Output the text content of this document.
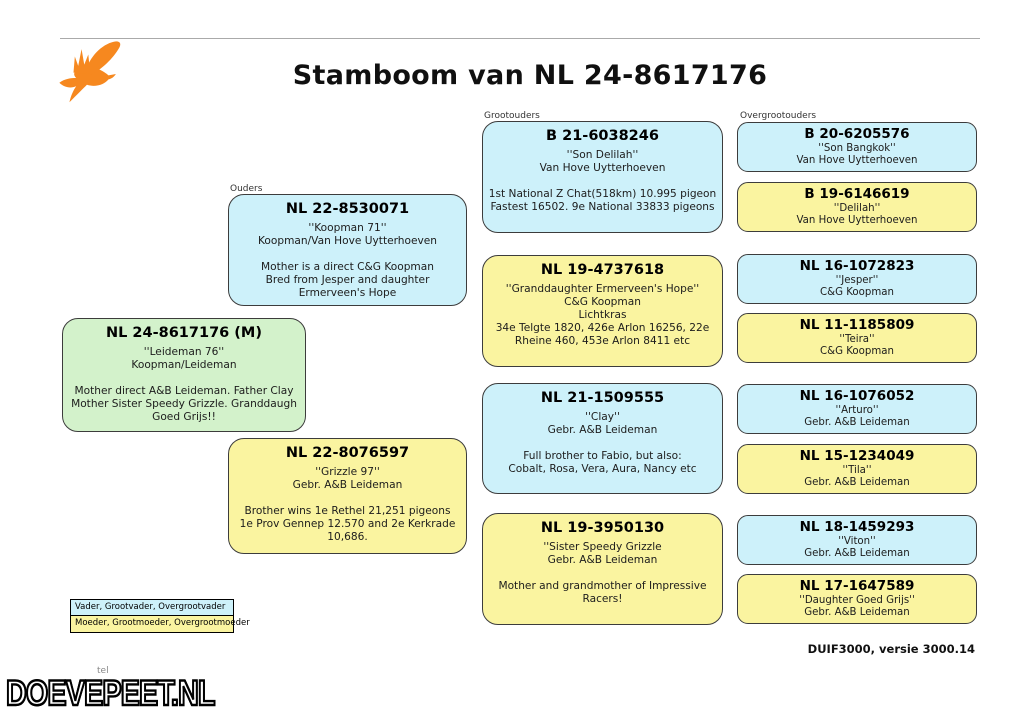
Stamboom van NL 24-8617176
Ouders
Grootouders	Overgrootouders
NL 24-8617176 (M)
''Leideman 76''
Koopman/Leideman

Mother direct A&B Leideman. Father Clay
Mother Sister Speedy Grizzle. Granddaugh
Goed Grijs!!
NL 22-8530071
''Koopman 71''
Koopman/Van Hove Uytterhoeven

Mother is a direct C&G Koopman
Bred from Jesper and daughter
Ermerveen's Hope
NL 22-8076597
''Grizzle 97''
Gebr. A&B Leideman

Brother wins 1e Rethel 21,251 pigeons
1e Prov Gennep 12.570 and 2e Kerkrade
10,686.
B 21-6038246
''Son Delilah''
Van Hove Uytterhoeven

1st National Z Chat(518km) 10.995 pigeon
Fastest 16502. 9e National 33833 pigeons
NL 19-4737618
''Granddaughter Ermerveen's Hope''
C&G Koopman
Lichtkras
34e Telgte 1820, 426e Arlon 16256, 22e
Rheine 460, 453e Arlon 8411 etc
NL 21-1509555
''Clay''
Gebr. A&B Leideman

Full brother to Fabio, but also:
Cobalt, Rosa, Vera, Aura, Nancy etc
NL 19-3950130
''Sister Speedy Grizzle
Gebr. A&B Leideman

Mother and grandmother of Impressive
Racers!
B 20-6205576
''Son Bangkok''
Van Hove Uytterhoeven
B 19-6146619
''Delilah''
Van Hove Uytterhoeven
NL 16-1072823
''Jesper''
C&G Koopman
NL 11-1185809
''Teira''
C&G Koopman
NL 16-1076052
''Arturo''
Gebr. A&B Leideman
NL 15-1234049
''Tila''
Gebr. A&B Leideman
NL 18-1459293
''Viton''
Gebr. A&B Leideman
NL 17-1647589
''Daughter Goed Grijs''
Gebr. A&B Leideman
Vader, Grootvader, Overgrootvader
Moeder, Grootmoeder, Overgrootmoeder
DUIF3000, versie 3000.14
tel
DOEVEPEET.NL
